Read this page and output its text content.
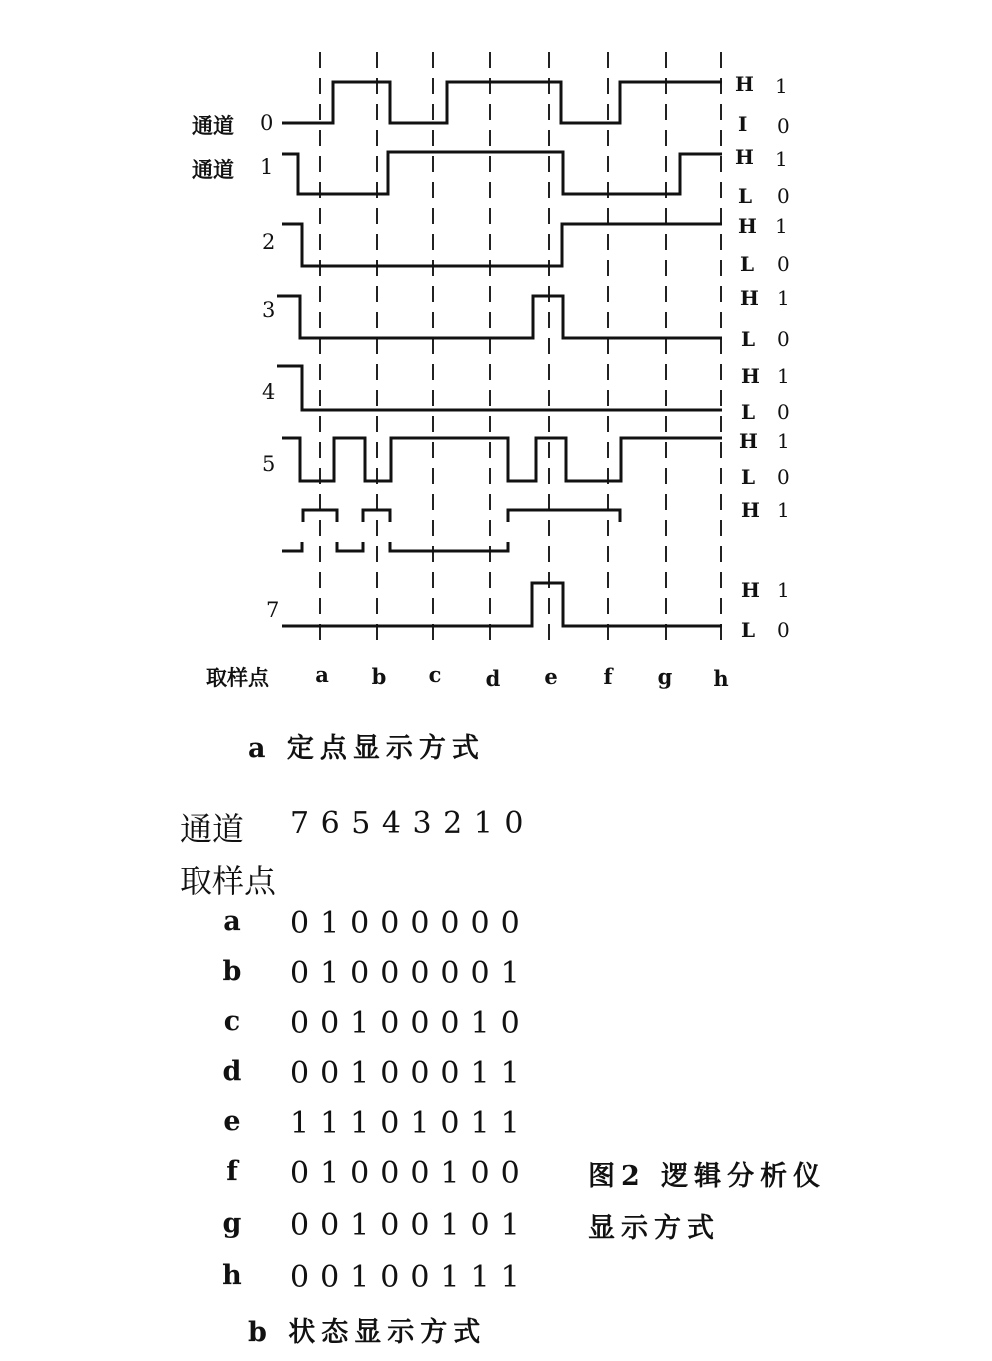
通道
通道
0
1
2
3
4
5
7
H
I
H
L
H
L
H
L
H
L
H
L
H
H
L
1
0
1
0
1
0
1
0
1
0
1
0
1
1
0
取样点 a b c d e	f	g h
a 定点显示方式
通道 7 6 5 4 3 2 1 0
取样点
a 01000000
b 01000001
c 00100010
d 00100011
e 11101011
f 01000100
g 00100101
h 00100111
图2 逻辑分析仪
显示方式
b 状态显示方式
